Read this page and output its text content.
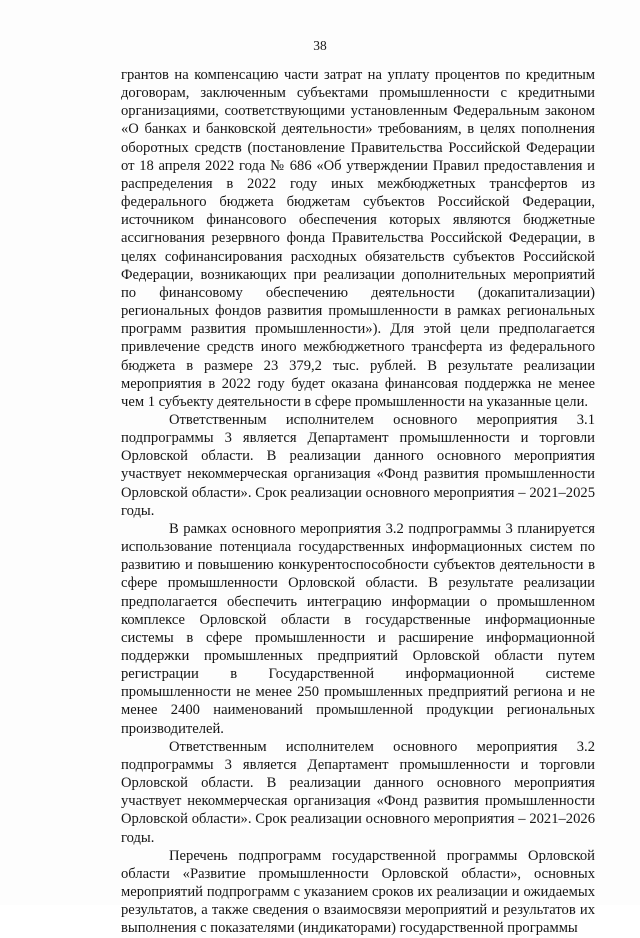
38

грантов на компенсацию части затрат на уплату процентов по кредитным договорам, заключенным субъектами промышленности с кредитными организациями, соответствующими установленным Федеральным законом «О банках и банковской деятельности» требованиям, в целях пополнения оборотных средств (постановление Правительства Российской Федерации от 18 апреля 2022 года № 686 «Об утверждении Правил предоставления и распределения в 2022 году иных межбюджетных трансфертов из федерального бюджета бюджетам субъектов Российской Федерации, источником финансового обеспечения которых являются бюджетные ассигнования резервного фонда Правительства Российской Федерации, в целях софинансирования расходных обязательств субъектов Российской Федерации, возникающих при реализации дополнительных мероприятий по финансовому обеспечению деятельности (докапитализации) региональных фондов развития промышленности в рамках региональных программ развития промышленности»). Для этой цели предполагается привлечение средств иного межбюджетного трансферта из федерального бюджета в размере 23 379,2 тыс. рублей. В результате реализации мероприятия в 2022 году будет оказана финансовая поддержка не менее чем 1 субъекту деятельности в сфере промышленности на указанные цели.

Ответственным исполнителем основного мероприятия 3.1 подпрограммы 3 является Департамент промышленности и торговли Орловской области. В реализации данного основного мероприятия участвует некоммерческая организация «Фонд развития промышленности Орловской области». Срок реализации основного мероприятия – 2021–2025 годы.

В рамках основного мероприятия 3.2 подпрограммы 3 планируется использование потенциала государственных информационных систем по развитию и повышению конкурентоспособности субъектов деятельности в сфере промышленности Орловской области. В результате реализации предполагается обеспечить интеграцию информации о промышленном комплексе Орловской области в государственные информационные системы в сфере промышленности и расширение информационной поддержки промышленных предприятий Орловской области путем регистрации в Государственной информационной системе промышленности не менее 250 промышленных предприятий региона и не менее 2400 наименований промышленной продукции региональных производителей.

Ответственным исполнителем основного мероприятия 3.2 подпрограммы 3 является Департамент промышленности и торговли Орловской области. В реализации данного основного мероприятия участвует некоммерческая организация «Фонд развития промышленности Орловской области». Срок реализации основного мероприятия – 2021–2026 годы.

Перечень подпрограмм государственной программы Орловской области «Развитие промышленности Орловской области», основных мероприятий подпрограмм с указанием сроков их реализации и ожидаемых результатов, а также сведения о взаимосвязи мероприятий и результатов их выполнения с показателями (индикаторами) государственной программы
